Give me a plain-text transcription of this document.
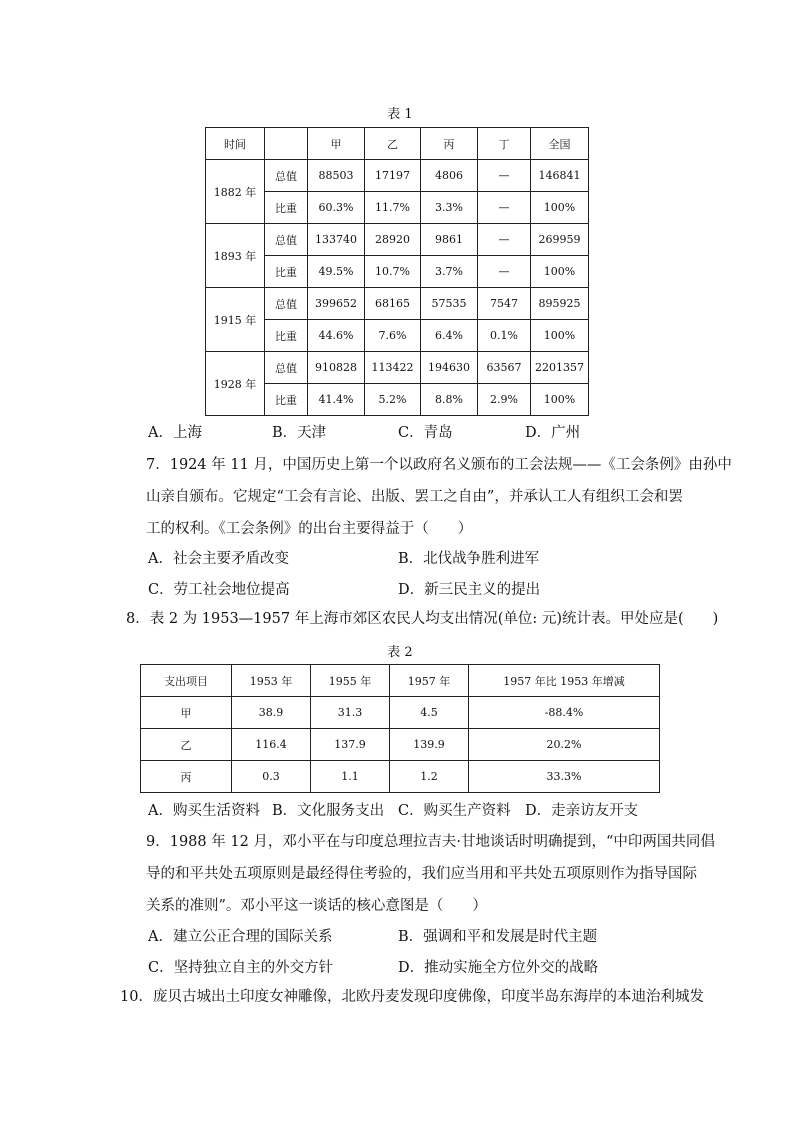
表 1
时间		甲	乙	丙	丁	全国
1882 年	总值	88503	17197	4806	—	146841
	比重	60.3%	11.7%	3.3%	—	100%
1893 年	总值	133740	28920	9861	—	269959
	比重	49.5%	10.7%	3.7%	—	100%
1915 年	总值	399652	68165	57535	7547	895925
	比重	44.6%	7.6%	6.4%	0.1%	100%
1928 年	总值	910828	113422	194630	63567	2201357
	比重	41.4%	5.2%	8.8%	2.9%	100%
A．上海	B．天津	C．青岛	D．广州
7．1924 年 11 月，中国历史上第一个以政府名义颁布的工会法规——《工会条例》由孙中
山亲自颁布。它规定“工会有言论、出版、罢工之自由”，并承认工人有组织工会和罢
工的权利。《工会条例》的出台主要得益于（　　）
A．社会主要矛盾改变	B．北伐战争胜利进军
C．劳工社会地位提高	D．新三民主义的提出
8．表 2 为 1953—1957 年上海市郊区农民人均支出情况(单位: 元)统计表。甲处应是(　　)
表 2
支出项目	1953 年	1955 年	1957 年	1957 年比 1953 年增减
甲	38.9	31.3	4.5	-88.4%
乙	116.4	137.9	139.9	20.2%
丙	0.3	1.1	1.2	33.3%
A．购买生活资料 B．文化服务支出 C．购买生产资料 D．走亲访友开支
9．1988 年 12 月，邓小平在与印度总理拉吉夫·甘地谈话时明确提到，“中印两国共同倡
导的和平共处五项原则是最经得住考验的，我们应当用和平共处五项原则作为指导国际
关系的准则”。邓小平这一谈话的核心意图是（　　）
A．建立公正合理的国际关系	B．强调和平和发展是时代主题
C．坚持独立自主的外交方针	D．推动实施全方位外交的战略
10．庞贝古城出土印度女神雕像，北欧丹麦发现印度佛像，印度半岛东海岸的本迪治利城发
